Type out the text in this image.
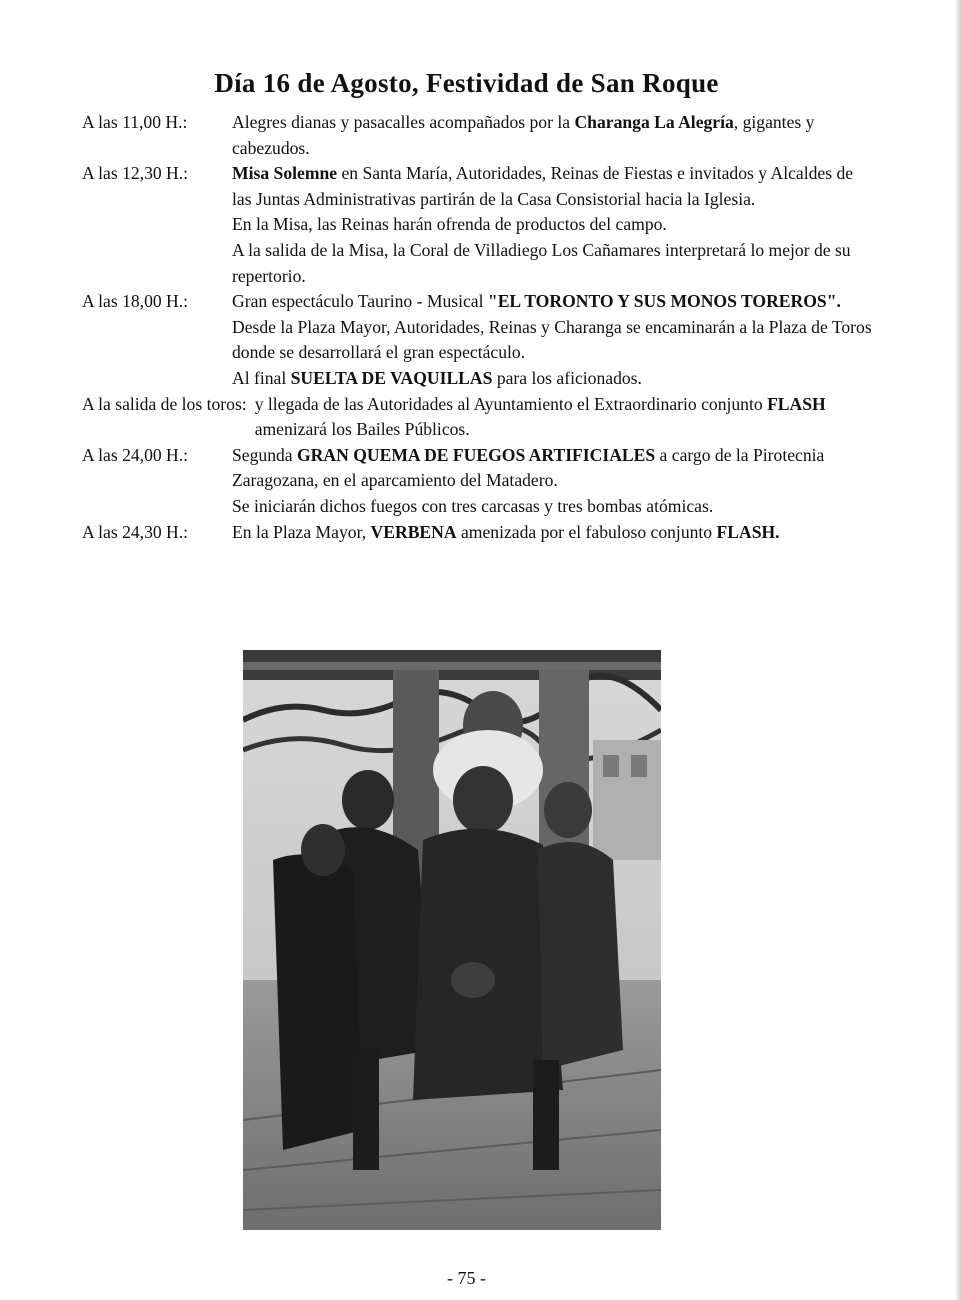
Día 16 de Agosto, Festividad de San Roque
A las 11,00 H.:	Alegres dianas y pasacalles acompañados por la Charanga La Alegría, gigantes y cabezudos.

A las 12,30 H.:	Misa Solemne en Santa María, Autoridades, Reinas de Fiestas e invitados y Alcaldes de las Juntas Administrativas partirán de la Casa Consistorial hacia la Iglesia.

En la Misa, las Reinas harán ofrenda de productos del campo.

A la salida de la Misa, la Coral de Villadiego Los Cañamares interpretará lo mejor de su repertorio.

A las 18,00 H.:	Gran espectáculo Taurino - Musical "EL TORONTO Y SUS MONOS TOREROS".

Desde la Plaza Mayor, Autoridades, Reinas y Charanga se encaminarán a la Plaza de Toros donde se desarrollará el gran espectáculo.

Al final SUELTA DE VAQUILLAS para los aficionados.

A la salida de los toros: y llegada de las Autoridades al Ayuntamiento el Extraordinario conjunto FLASH amenizará los Bailes Públicos.

A las 24,00 H.:	Segunda GRAN QUEMA DE FUEGOS ARTIFICIALES a cargo de la Pirotecnia Zaragozana, en el aparcamiento del Matadero.

Se iniciarán dichos fuegos con tres carcasas y tres bombas atómicas.

A las 24,30 H.:	En la Plaza Mayor, VERBENA amenizada por el fabuloso conjunto FLASH.

- 75 -
